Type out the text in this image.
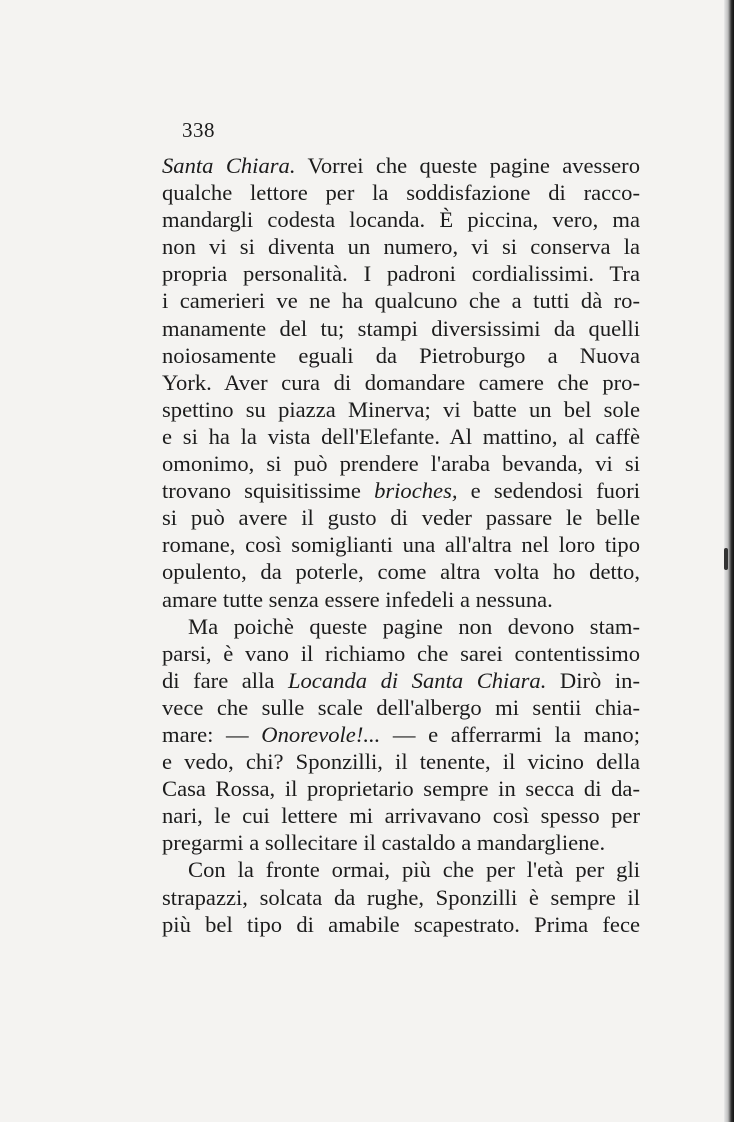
338
Santa Chiara. Vorrei che queste pagine avessero
qualche lettore per la soddisfazione di racco-
mandargli codesta locanda. È piccina, vero, ma
non vi si diventa un numero, vi si conserva la
propria personalità. I padroni cordialissimi. Tra
i camerieri ve ne ha qualcuno che a tutti dà ro-
manamente del tu; stampi diversissimi da quelli
noiosamente eguali da Pietroburgo a Nuova
York. Aver cura di domandare camere che pro-
spettino su piazza Minerva; vi batte un bel sole
e si ha la vista dell'Elefante. Al mattino, al caffè
omonimo, si può prendere l'araba bevanda, vi si
trovano squisitissime brioches, e sedendosi fuori
si può avere il gusto di veder passare le belle
romane, così somiglianti una all'altra nel loro tipo
opulento, da poterle, come altra volta ho detto,
amare tutte senza essere infedeli a nessuna.
Ma poichè queste pagine non devono stam-
parsi, è vano il richiamo che sarei contentissimo
di fare alla Locanda di Santa Chiara. Dirò in-
vece che sulle scale dell'albergo mi sentii chia-
mare: — Onorevole!... — e afferrarmi la mano;
e vedo, chi? Sponzilli, il tenente, il vicino della
Casa Rossa, il proprietario sempre in secca di da-
nari, le cui lettere mi arrivavano così spesso per
pregarmi a sollecitare il castaldo a mandargliene.
Con la fronte ormai, più che per l'età per gli
strapazzi, solcata da rughe, Sponzilli è sempre il
più bel tipo di amabile scapestrato. Prima fece
